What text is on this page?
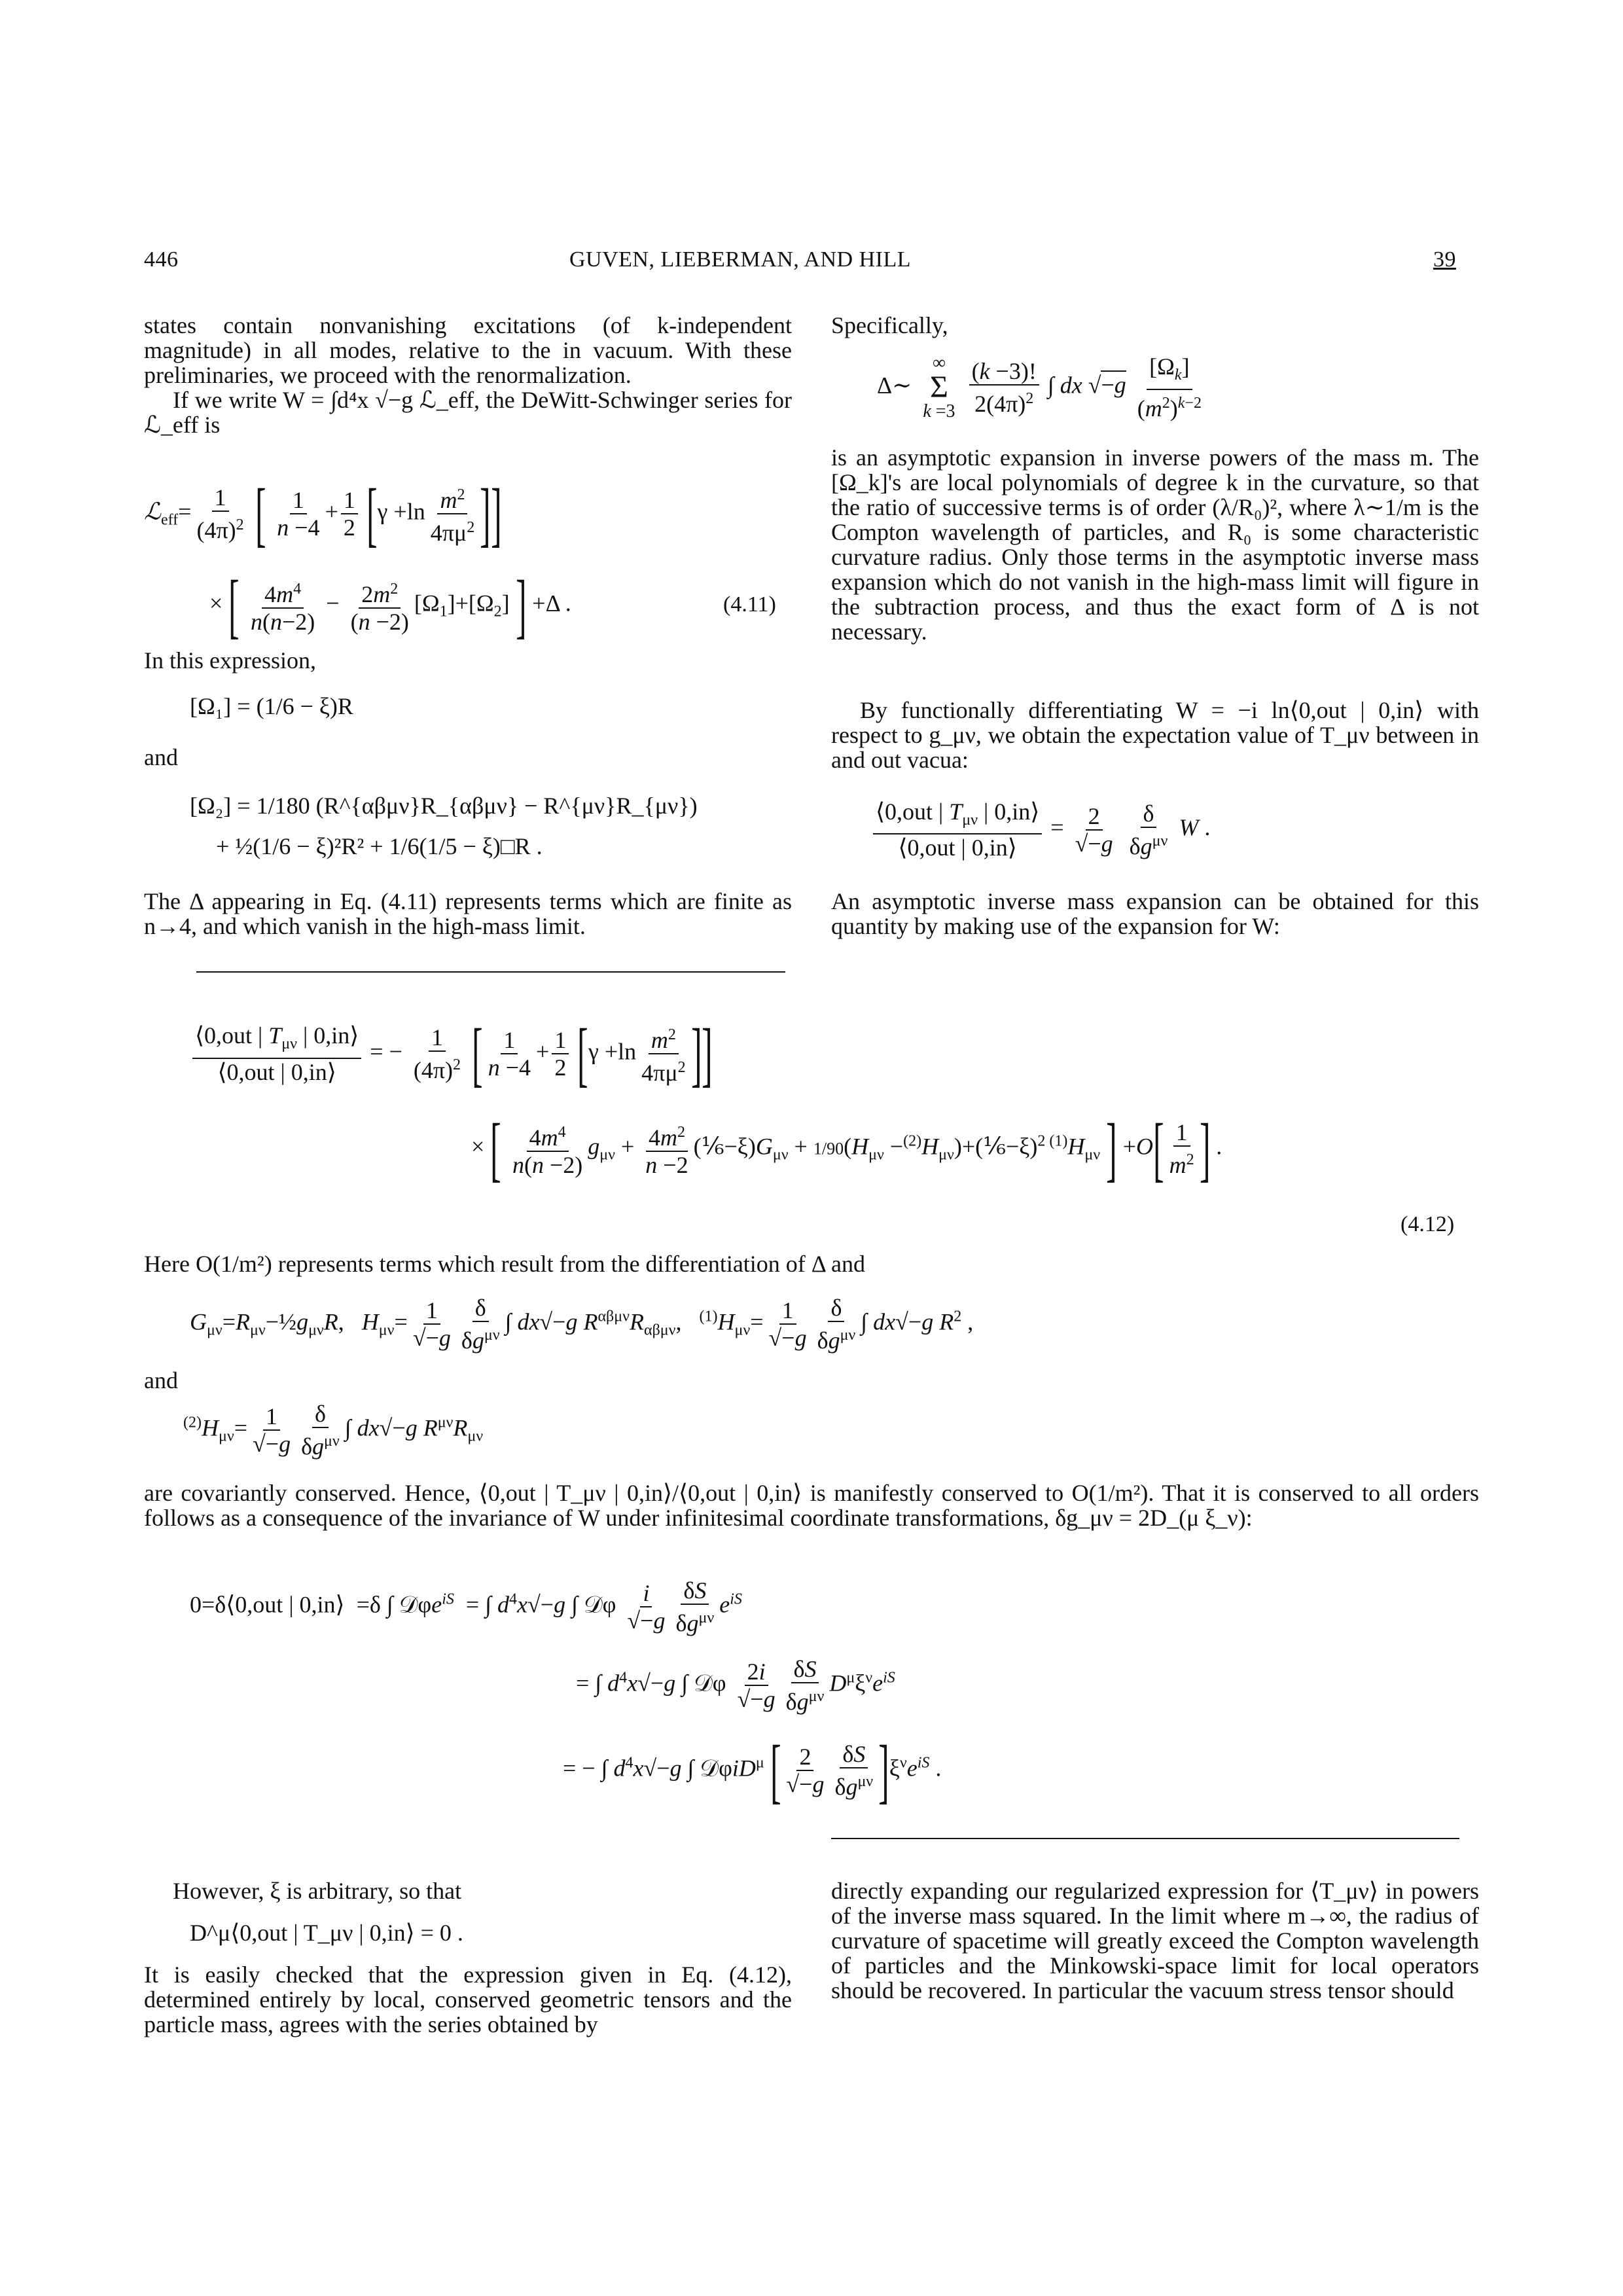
446	GUVEN, LIEBERMAN, AND HILL	39

states contain nonvanishing excitations (of k-independent magnitude) in all modes, relative to the in vacuum. With these preliminaries, we proceed with the renormalization.

If we write W = ∫d⁴x √−g ℒ_eff, the DeWitt-Schwinger series for ℒ_eff is

ℒ$_{eff}$= $\frac{1}{(4\pi)^2}$ [ $\frac{1}{n -4} + \frac{1}{2} [\gamma +\ln \frac{m^2}{4\pi\mu^2}$ ]]
× [ $\frac{4m^4}{n(n-2)} - \frac{2m^2}{(n -2)} [\Omega_1]+[\Omega_2]$ ] +Δ .	(4.11)
In this expression,
[Ω₁] = (1/6 − ξ)R
and
[Ω₂] = 1/180 (R^{αβμν}R_{αβμν} − R^{μν}R_{μν})
+ ½(1/6 − ξ)²R² + 1/6(1/5 − ξ)□R .
The Δ appearing in Eq. (4.11) represents terms which are finite as n→4, and which vanish in the high-mass limit.
Specifically,
Δ∼
∞
Σ
k =3
$\frac{(k -3)!}{2(4\pi)^2}$ ∫ dx $√-g \frac{[\Omega_k]}{(m^2)^{k-2}}$
is an asymptotic expansion in inverse powers of the mass m. The [Ω_k]'s are local polynomials of degree k in the curvature, so that the ratio of successive terms is of order (λ/R₀)², where λ∼1/m is the Compton wavelength of particles, and R₀ is some characteristic curvature radius. Only those terms in the asymptotic inverse mass expansion which do not vanish in the high-mass limit will figure in the subtraction process, and thus the exact form of Δ is not necessary.
By functionally differentiating W = −i ln⟨0,out | 0,in⟩ with respect to g_μν, we obtain the expectation value of T_μν between in and out vacua:
$\frac{⟨0,out | T_{\mu\nu} | 0,in⟩}{\text{⟨0,out | 0,in⟩}} = \frac{2}{√-g}$
$\frac{\delta}{\delta g^{\mu\nu}}$ W .
An asymptotic inverse mass expansion can be obtained for this quantity by making use of the expansion for W:
$\frac{⟨0,out | T_{\mu\nu} | 0,in⟩}{\text{⟨0,out | 0,in⟩}}$ = − $\frac{1}{(4\pi)^2}$ [ $\frac{1}{n -4} + \frac{1}{2} [\gamma +\ln \frac{m^2}{4\pi\mu^2}$ ]]
× [ $\frac{4m^4}{n(n -2)} g_{\mu\nu} + \frac{4m^2}{n -2}$ $(\frac{1}{6}-\xi)G_{\mu\nu} + 1/90(H_{\mu\nu}$ $-^{(2)}H_{\mu\nu})+(\frac{1}{6}-\xi)^{2 (1)}H_{\mu\nu}$ ] $+O[ \frac{1}{m^2}$ ] .
(4.12)
Here O(1/m²) represents terms which result from the differentiation of Δ and
$G_{\mu\nu}=R_{\mu\nu}-\frac{1}{2}g_{\mu\nu}R$,   $H_{\mu\nu}= \frac{1}{√-g} \frac{\delta}{\delta g^{\mu\nu}}$ ∫ dx√−g $R^{\alpha\beta\mu\nu}R_{\alpha\beta\mu\nu}$,   $^{(1)}H_{\mu\nu}= \frac{1}{√-g} \frac{\delta}{\delta g^{\mu\nu}}$ ∫ dx√−g $R^2$ ,
and
$^{(2)}H_{\mu\nu}= \frac{1}{√-g} \frac{\delta}{\delta g^{\mu\nu}}$ ∫ dx√−g $R^{\mu\nu}R_{\mu\nu}$
are covariantly conserved. Hence, ⟨0,out | T_μν | 0,in⟩/⟨0,out | 0,in⟩ is manifestly conserved to O(1/m²). That it is conserved to all orders follows as a consequence of the invariance of W under infinitesimal coordinate transformations, δg_μν = 2D_(μ ξ_ν):
0=δ⟨0,out | 0,in⟩  =δ ∫ 𝒟φe$^{iS}$  = ∫ $d^4x√-g$ ∫ 𝒟φ $\frac{i}{√-g} \frac{\delta S}{\delta g^{\mu\nu}} e^{iS}$
= ∫ $d^4x√-g$ ∫ 𝒟φ $\frac{2i}{√-g} \frac{\delta S}{\delta g^{\mu\nu}} D^\mu\xi^\nu e^{iS}$
= − ∫ $d^4x√-g$ ∫ 𝒟φiD$^\mu$ [ $\frac{2}{√-g} \frac{\delta S}{\delta g^{\mu\nu}} ]\xi^\nu e^{iS}$ .
However, ξ is arbitrary, so that
D^μ⟨0,out | T_μν | 0,in⟩ = 0 .
It is easily checked that the expression given in Eq. (4.12), determined entirely by local, conserved geometric tensors and the particle mass, agrees with the series obtained by
directly expanding our regularized expression for ⟨T_μν⟩ in powers of the inverse mass squared. In the limit where m→∞, the radius of curvature of spacetime will greatly exceed the Compton wavelength of particles and the Minkowski-space limit for local operators should be recovered. In particular the vacuum stress tensor should
